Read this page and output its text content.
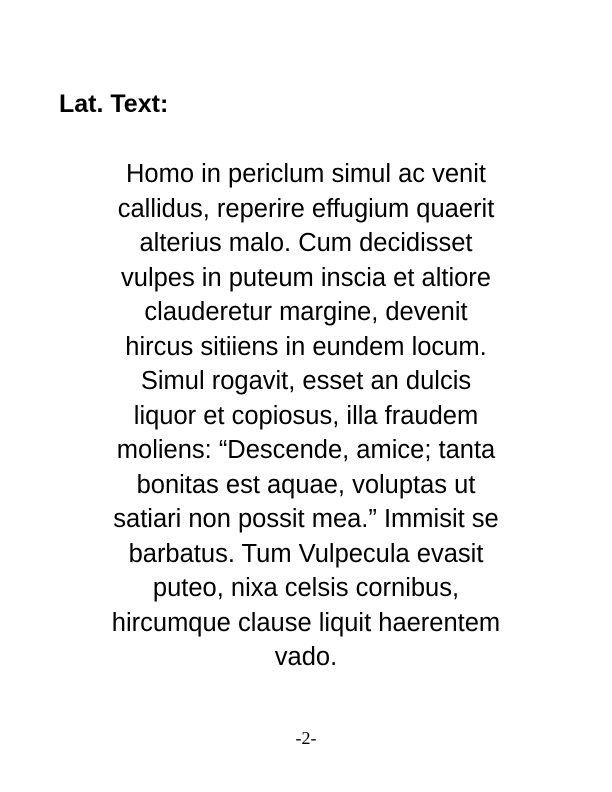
Lat. Text:
Homo in periclum simul ac venit
callidus, reperire effugium quaerit
alterius malo. Cum decidisset
vulpes in puteum inscia et altiore
clauderetur margine, devenit
hircus sitiiens in eundem locum.
Simul rogavit, esset an dulcis
liquor et copiosus, illa fraudem
moliens: “Descende, amice; tanta
bonitas est aquae, voluptas ut
satiari non possit mea.” Immisit se
barbatus. Tum Vulpecula evasit
puteo, nixa celsis cornibus,
hircumque clause liquit haerentem
vado.

-2-
